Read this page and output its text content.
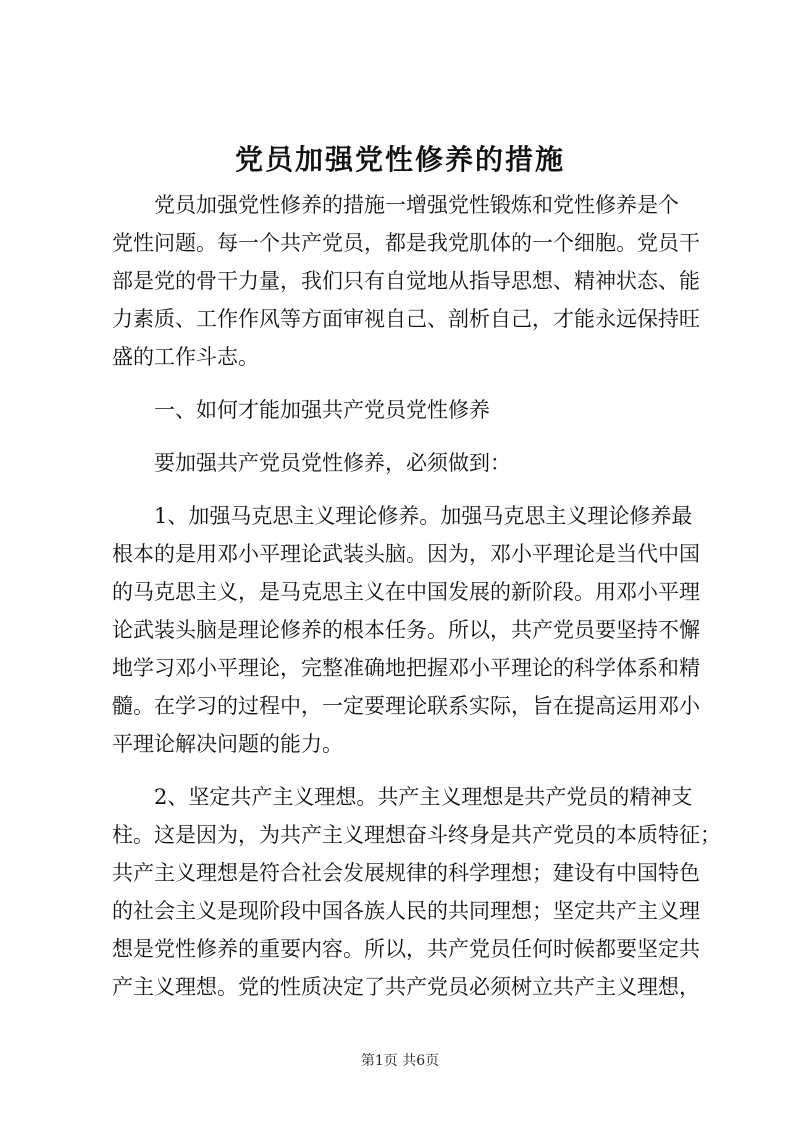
党员加强党性修养的措施

党员加强党性修养的措施一增强党性锻炼和党性修养是个
党性问题。每一个共产党员，都是我党肌体的一个细胞。党员干
部是党的骨干力量，我们只有自觉地从指导思想、精神状态、能
力素质、工作作风等方面审视自己、剖析自己，才能永远保持旺
盛的工作斗志。

一、如何才能加强共产党员党性修养

要加强共产党员党性修养，必须做到：

1、加强马克思主义理论修养。加强马克思主义理论修养最
根本的是用邓小平理论武装头脑。因为，邓小平理论是当代中国
的马克思主义，是马克思主义在中国发展的新阶段。用邓小平理
论武装头脑是理论修养的根本任务。所以，共产党员要坚持不懈
地学习邓小平理论，完整准确地把握邓小平理论的科学体系和精
髓。在学习的过程中，一定要理论联系实际，旨在提高运用邓小
平理论解决问题的能力。

2、坚定共产主义理想。共产主义理想是共产党员的精神支
柱。这是因为，为共产主义理想奋斗终身是共产党员的本质特征；
共产主义理想是符合社会发展规律的科学理想；建设有中国特色
的社会主义是现阶段中国各族人民的共同理想；坚定共产主义理
想是党性修养的重要内容。所以，共产党员任何时候都要坚定共
产主义理想。党的性质决定了共产党员必须树立共产主义理想，

第1页 共6页
